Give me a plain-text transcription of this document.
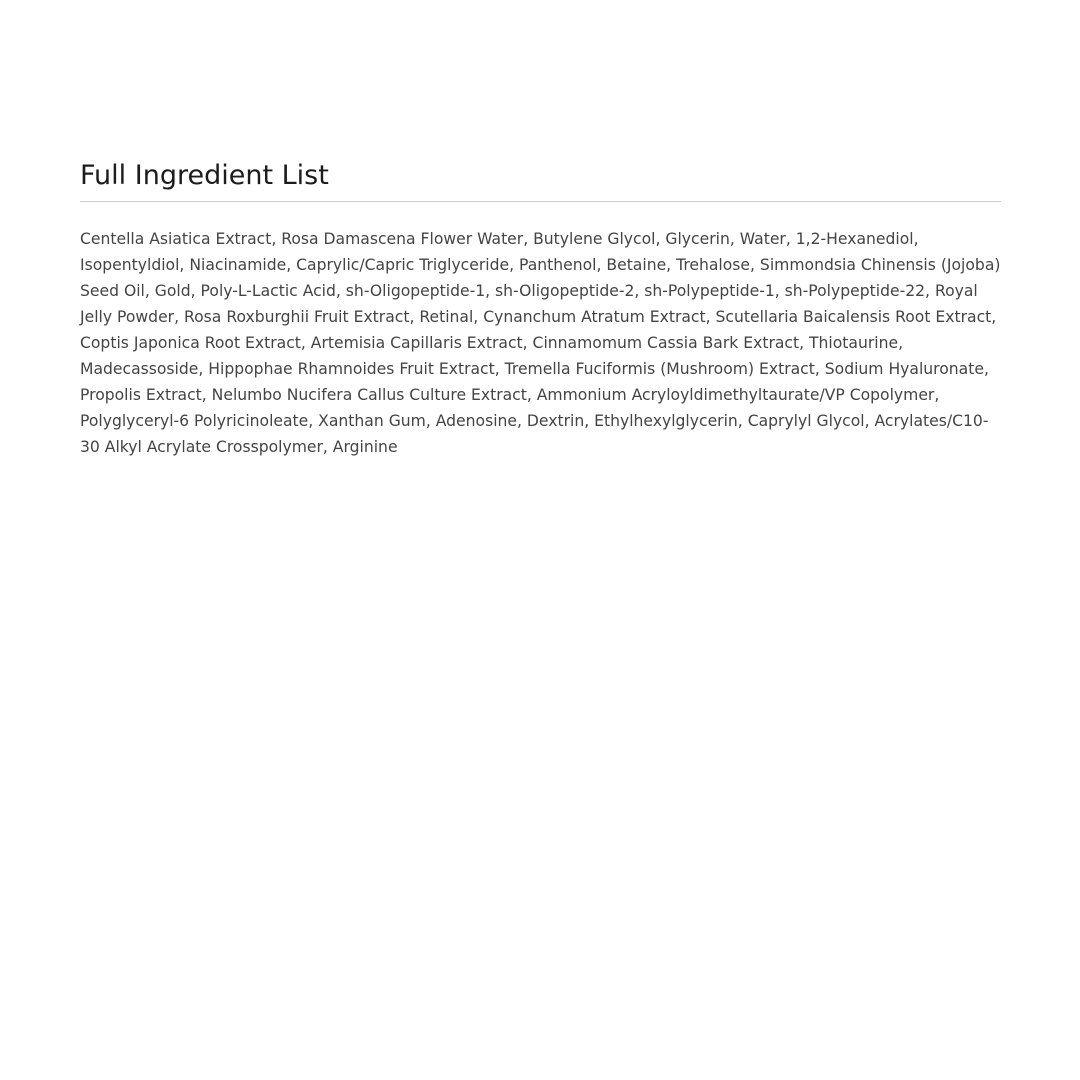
Full Ingredient List

Centella Asiatica Extract, Rosa Damascena Flower Water, Butylene Glycol, Glycerin, Water, 1,2-Hexanediol, Isopentyldiol, Niacinamide, Caprylic/Capric Triglyceride, Panthenol, Betaine, Trehalose, Simmondsia Chinensis (Jojoba) Seed Oil, Gold, Poly-L-Lactic Acid, sh-Oligopeptide-1, sh-Oligopeptide-2, sh-Polypeptide-1, sh-Polypeptide-22, Royal Jelly Powder, Rosa Roxburghii Fruit Extract, Retinal, Cynanchum Atratum Extract, Scutellaria Baicalensis Root Extract, Coptis Japonica Root Extract, Artemisia Capillaris Extract, Cinnamomum Cassia Bark Extract, Thiotaurine, Madecassoside, Hippophae Rhamnoides Fruit Extract, Tremella Fuciformis (Mushroom) Extract, Sodium Hyaluronate, Propolis Extract, Nelumbo Nucifera Callus Culture Extract, Ammonium Acryloyldimethyltaurate/VP Copolymer, Polyglyceryl-6 Polyricinoleate, Xanthan Gum, Adenosine, Dextrin, Ethylhexylglycerin, Caprylyl Glycol, Acrylates/C10-30 Alkyl Acrylate Crosspolymer, Arginine
